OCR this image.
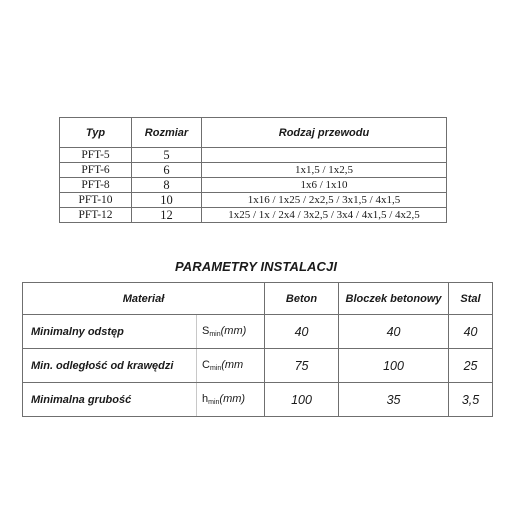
Typ	Rozmiar	Rodzaj przewodu
PFT-5	5	
PFT-6	6	1x1,5 / 1x2,5
PFT-8	8	1x6 / 1x10
PFT-10	10	1x16 / 1x25 / 2x2,5 / 3x1,5 / 4x1,5
PFT-12	12	1x25 / 1x / 2x4 / 3x2,5 / 3x4 / 4x1,5 / 4x2,5
PARAMETRY INSTALACJI
Materiał		Beton	Bloczek betonowy	Stal
Minimalny odstęp	$S_{min}(mm)$	40	40	40
Min. odległość od krawędzi	$C_{min}(mm$	75	100	25
Minimalna grubość	$h_{min}(mm)$	100	35	3,5
